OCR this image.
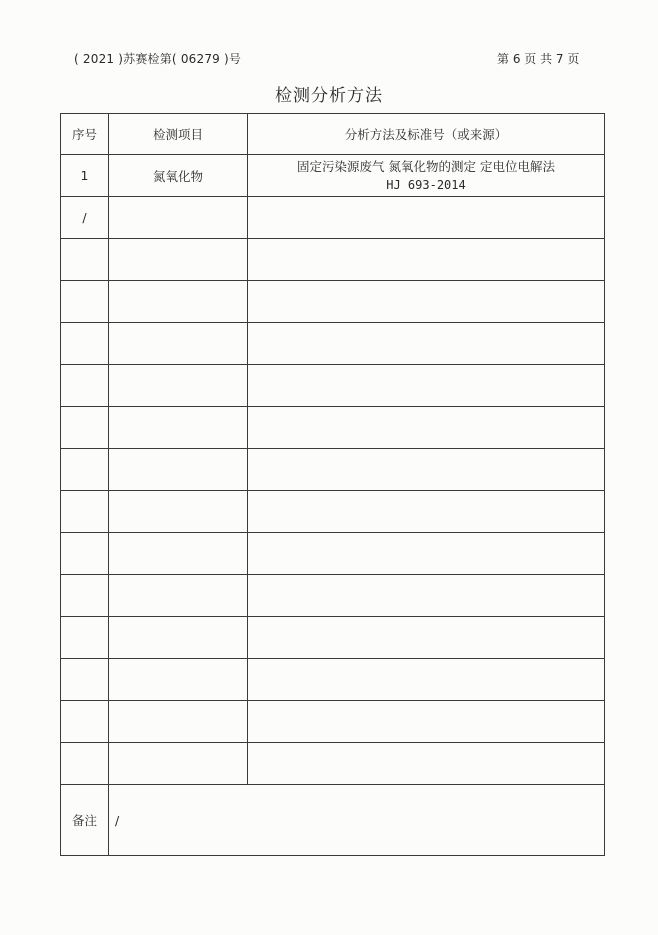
( 2021 )苏赛检第( 06279 )号	第 6 页 共 7 页
检测分析方法
序号	检测项目	分析方法及标准号（或来源）
1	氮氧化物	固定污染源废气 氮氧化物的测定 定电位电解法
HJ 693-2014

/		

备注	/	
